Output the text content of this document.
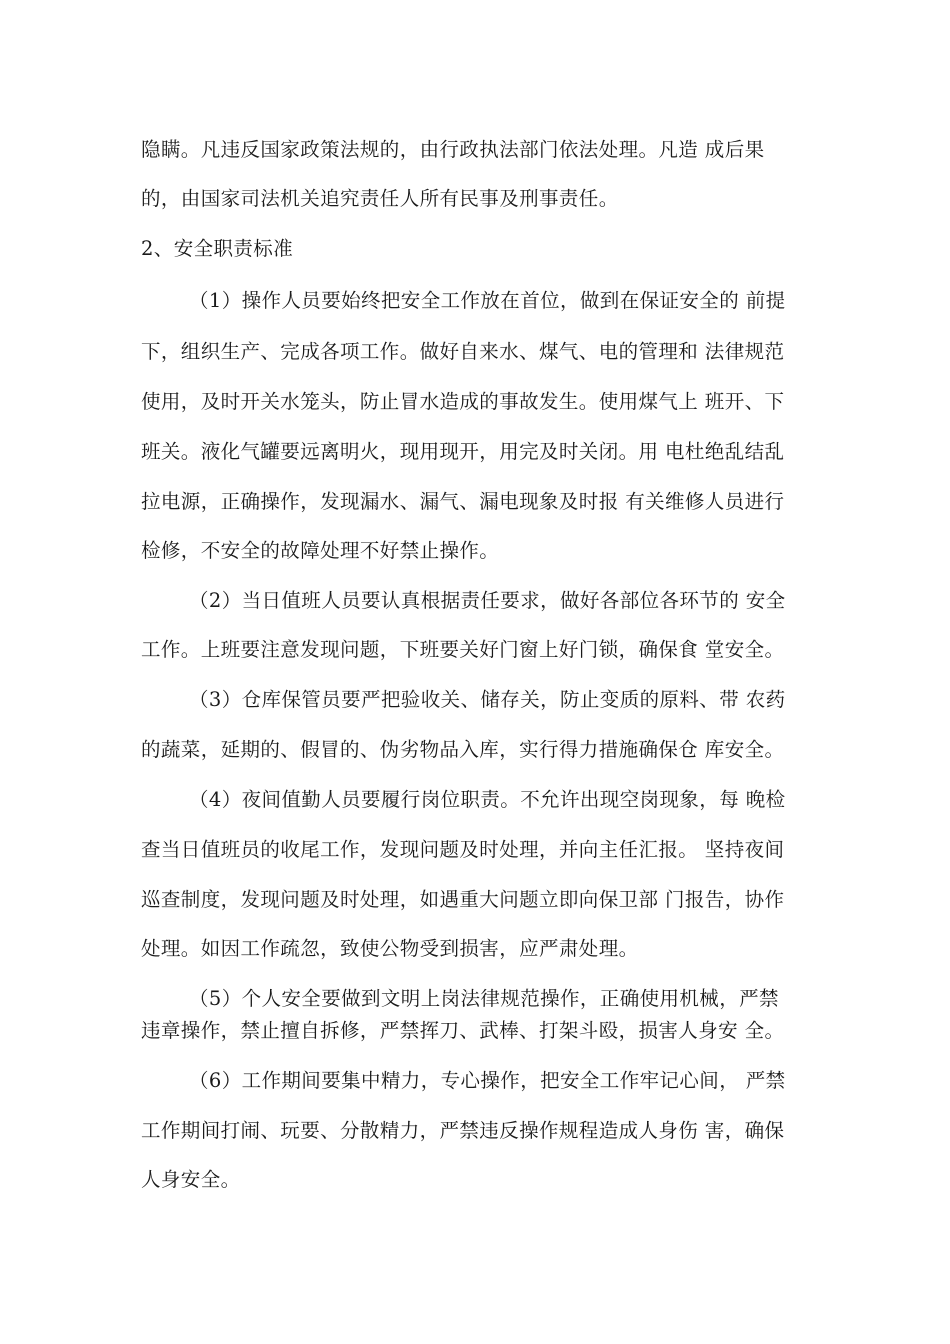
隐瞒。凡违反国家政策法规的，由行政执法部门依法处理。凡造 成后果
的，由国家司法机关追究责任人所有民事及刑事责任。
2、安全职责标准
（1）操作人员要始终把安全工作放在首位，做到在保证安全的 前提
下，组织生产、完成各项工作。做好自来水、煤气、电的管理和 法律规范
使用，及时开关水笼头，防止冒水造成的事故发生。使用煤气上 班开、下
班关。液化气罐要远离明火，现用现开，用完及时关闭。用 电杜绝乱结乱
拉电源，正确操作，发现漏水、漏气、漏电现象及时报 有关维修人员进行
检修，不安全的故障处理不好禁止操作。
（2）当日值班人员要认真根据责任要求，做好各部位各环节的 安全
工作。上班要注意发现问题，下班要关好门窗上好门锁，确保食 堂安全。
（3）仓库保管员要严把验收关、储存关，防止变质的原料、带 农药
的蔬菜，延期的、假冒的、伪劣物品入库，实行得力措施确保仓 库安全。
（4）夜间值勤人员要履行岗位职责。不允许出现空岗现象，每 晚检
查当日值班员的收尾工作，发现问题及时处理，并向主任汇报。 坚持夜间
巡查制度，发现问题及时处理，如遇重大问题立即向保卫部 门报告，协作
处理。如因工作疏忽，致使公物受到损害，应严肃处理。
（5）个人安全要做到文明上岗法律规范操作，正确使用机械，严禁
违章操作，禁止擅自拆修，严禁挥刀、武棒、打架斗殴，损害人身安 全。
（6）工作期间要集中精力，专心操作，把安全工作牢记心间， 严禁
工作期间打闹、玩要、分散精力，严禁违反操作规程造成人身伤 害，确保
人身安全。
